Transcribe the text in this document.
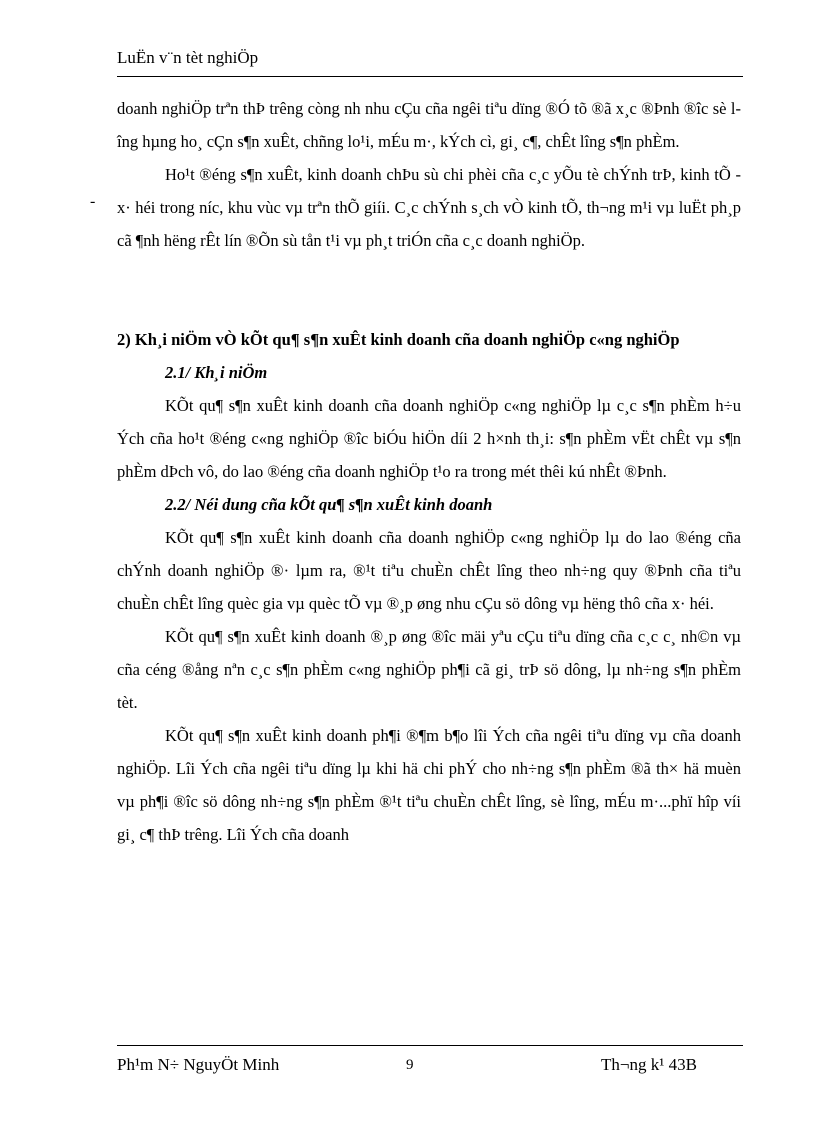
LuËn v¨n tèt nghiÖp
-

doanh nghiÖp trªn thÞ trêng còng nh nhu cÇu cña ngêi tiªu dïng ®Ó tõ ®ã x¸c ®Þnh ®îc sè lîng hµng ho¸ cÇn s¶n xuÊt, chñng lo¹i, mÉu m·, kÝch cì, gi¸ c¶, chÊt lîng s¶n phÈm.

Ho¹t ®éng s¶n xuÊt, kinh doanh chÞu sù chi phèi cña c¸c yÕu tè chÝnh trÞ, kinh tÕ - x· héi trong níc, khu vùc vµ trªn thÕ giíi. C¸c chÝnh s¸ch vÒ kinh tÕ, th¬ng m¹i vµ luËt ph¸p cã ¶nh hëng rÊt lín ®Õn sù tån t¹i vµ ph¸t triÓn cña c¸c doanh nghiÖp.

2) Kh¸i niÖm vÒ kÕt qu¶ s¶n xuÊt kinh doanh cña doanh nghiÖp c«ng nghiÖp

2.1/ Kh¸i niÖm

KÕt qu¶ s¶n xuÊt kinh doanh cña doanh nghiÖp c«ng nghiÖp lµ c¸c s¶n phÈm h÷u Ých cña ho¹t ®éng c«ng nghiÖp ®îc biÓu hiÖn díi 2 h×nh th¸i: s¶n phÈm vËt chÊt vµ s¶n phÈm dÞch vô, do lao ®éng cña doanh nghiÖp t¹o ra trong mét thêi kú nhÊt ®Þnh.

2.2/ Néi dung cña kÕt qu¶ s¶n xuÊt kinh doanh

KÕt qu¶ s¶n xuÊt kinh doanh cña doanh nghiÖp c«ng nghiÖp lµ do lao ®éng cña chÝnh doanh nghiÖp ®· lµm ra, ®¹t tiªu chuÈn chÊt lîng theo nh÷ng quy ®Þnh cña tiªu chuÈn chÊt lîng quèc gia vµ quèc tÕ vµ ®¸p øng nhu cÇu sö dông vµ hëng thô cña x· héi.

KÕt qu¶ s¶n xuÊt kinh doanh ®¸p øng ®îc mäi yªu cÇu tiªu dïng cña c¸c c¸ nh©n vµ cña céng ®ång nªn c¸c s¶n phÈm c«ng nghiÖp ph¶i cã gi¸ trÞ sö dông, lµ nh÷ng s¶n phÈm tèt.

KÕt qu¶ s¶n xuÊt kinh doanh ph¶i ®¶m b¶o lîi Ých cña ngêi tiªu dïng vµ cña doanh nghiÖp. Lîi Ých cña ngêi tiªu dïng lµ khi hä chi phÝ cho nh÷ng s¶n phÈm ®ã th× hä muèn vµ ph¶i ®îc sö dông nh÷ng s¶n phÈm ®¹t tiªu chuÈn chÊt lîng, sè lîng, mÉu m·...phï hîp víi gi¸ c¶ thÞ trêng. Lîi Ých cña doanh

Ph¹m N÷ NguyÖt Minh	9	Th¬ng k¹ 43B
